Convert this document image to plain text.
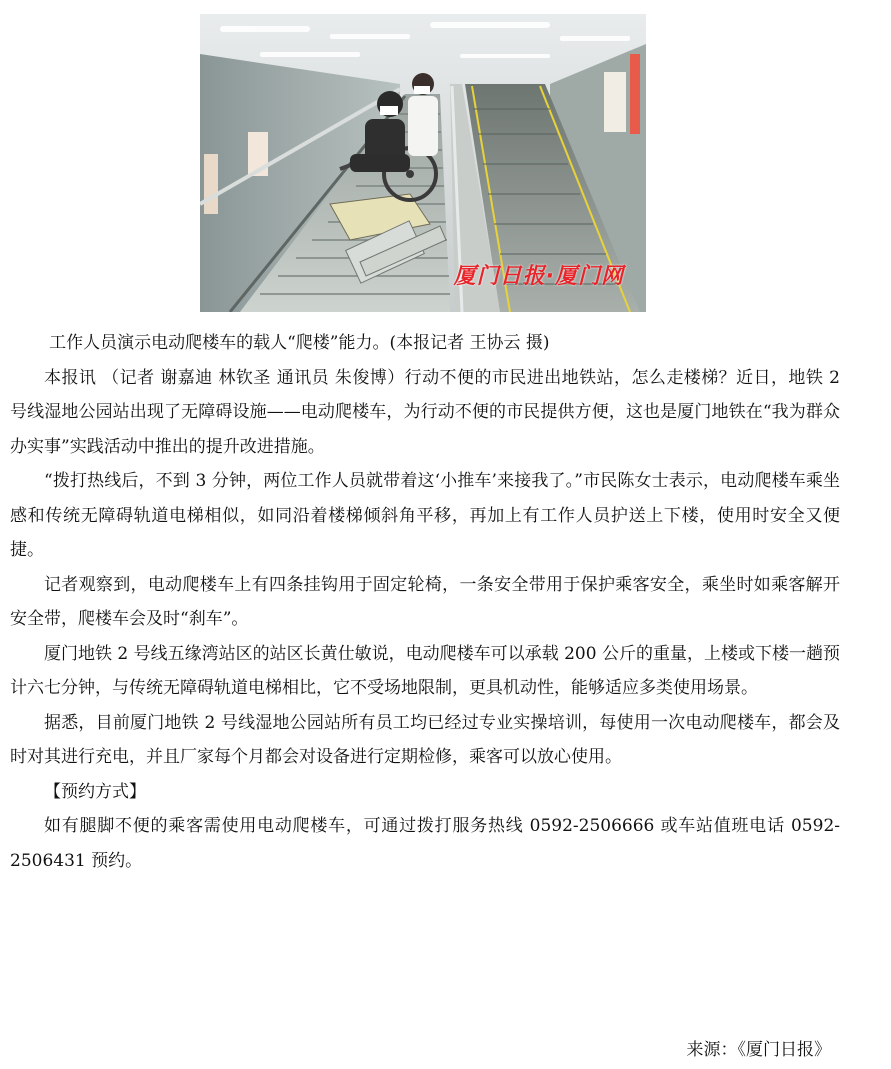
厦门日报·厦门网

工作人员演示电动爬楼车的载人“爬楼”能力。(本报记者 王协云 摄)

本报讯 （记者 谢嘉迪 林钦圣 通讯员 朱俊博）行动不便的市民进出地铁站，怎么走楼梯？近日，地铁 2 号线湿地公园站出现了无障碍设施——电动爬楼车，为行动不便的市民提供方便，这也是厦门地铁在“我为群众办实事”实践活动中推出的提升改进措施。

“拨打热线后，不到 3 分钟，两位工作人员就带着这‘小推车’来接我了。”市民陈女士表示，电动爬楼车乘坐感和传统无障碍轨道电梯相似，如同沿着楼梯倾斜角平移，再加上有工作人员护送上下楼，使用时安全又便捷。

记者观察到，电动爬楼车上有四条挂钩用于固定轮椅，一条安全带用于保护乘客安全，乘坐时如乘客解开安全带，爬楼车会及时“刹车”。

厦门地铁 2 号线五缘湾站区的站区长黄仕敏说，电动爬楼车可以承载 200 公斤的重量，上楼或下楼一趟预计六七分钟，与传统无障碍轨道电梯相比，它不受场地限制，更具机动性，能够适应多类使用场景。

据悉，目前厦门地铁 2 号线湿地公园站所有员工均已经过专业实操培训，每使用一次电动爬楼车，都会及时对其进行充电，并且厂家每个月都会对设备进行定期检修，乘客可以放心使用。

【预约方式】

如有腿脚不便的乘客需使用电动爬楼车，可通过拨打服务热线 0592-2506666 或车站值班电话 0592-2506431 预约。

来源：《厦门日报》
